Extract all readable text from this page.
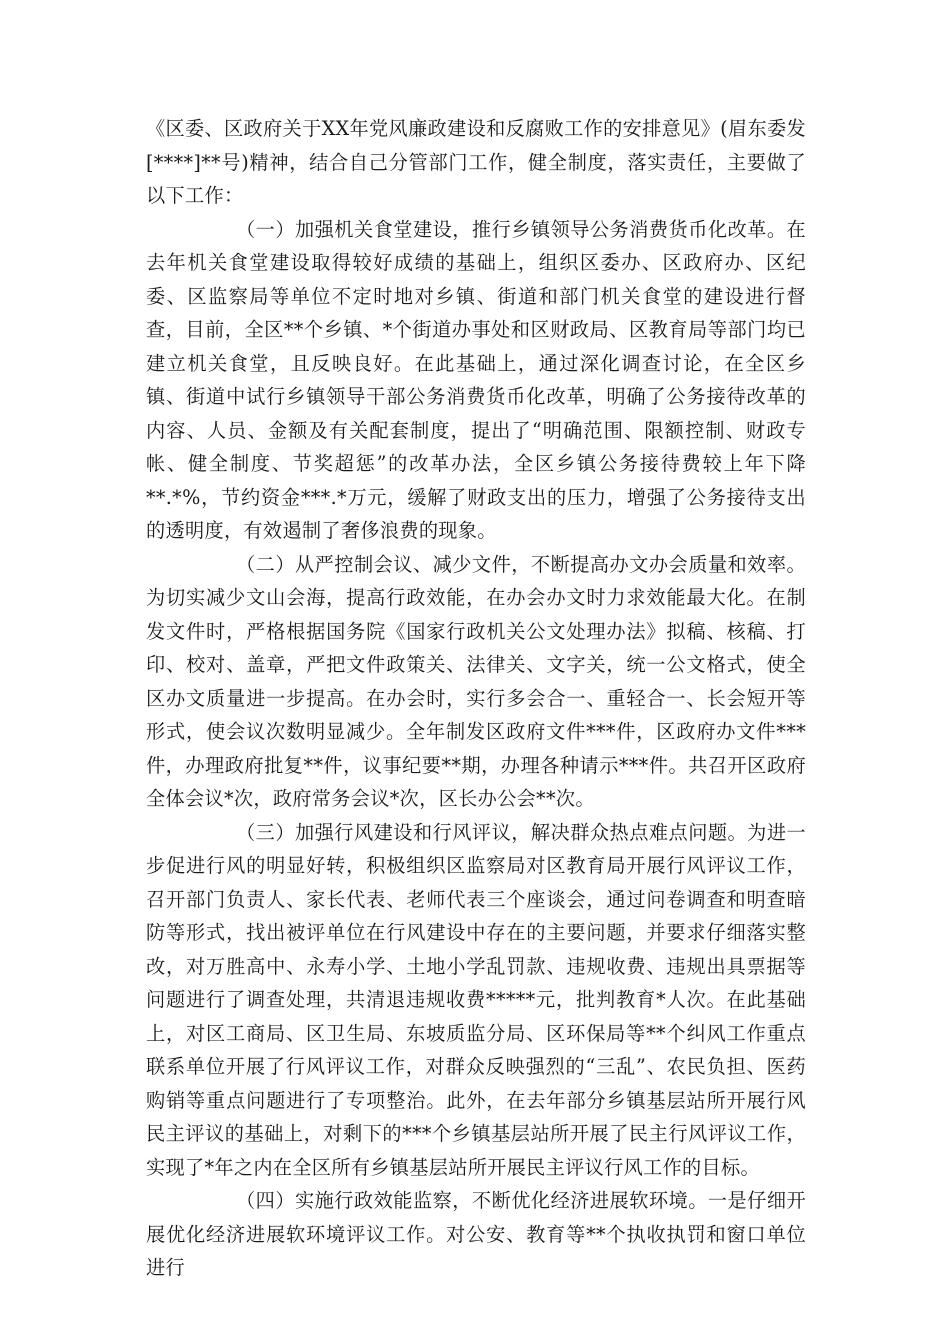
《区委、区政府关于XX年党风廉政建设和反腐败工作的安排意见》(眉东委发[****]**号)精神，结合自己分管部门工作，健全制度，落实责任，主要做了以下工作：

（一）加强机关食堂建设，推行乡镇领导公务消费货币化改革。在去年机关食堂建设取得较好成绩的基础上，组织区委办、区政府办、区纪委、区监察局等单位不定时地对乡镇、街道和部门机关食堂的建设进行督查，目前，全区**个乡镇、*个街道办事处和区财政局、区教育局等部门均已建立机关食堂，且反映良好。在此基础上，通过深化调查讨论，在全区乡镇、街道中试行乡镇领导干部公务消费货币化改革，明确了公务接待改革的内容、人员、金额及有关配套制度，提出了“明确范围、限额控制、财政专帐、健全制度、节奖超惩”的改革办法，全区乡镇公务接待费较上年下降**.*%，节约资金***.*万元，缓解了财政支出的压力，增强了公务接待支出的透明度，有效遏制了奢侈浪费的现象。

（二）从严控制会议、减少文件，不断提高办文办会质量和效率。为切实减少文山会海，提高行政效能，在办会办文时力求效能最大化。在制发文件时，严格根据国务院《国家行政机关公文处理办法》拟稿、核稿、打印、校对、盖章，严把文件政策关、法律关、文字关，统一公文格式，使全区办文质量进一步提高。在办会时，实行多会合一、重轻合一、长会短开等形式，使会议次数明显减少。全年制发区政府文件***件，区政府办文件***件，办理政府批复**件，议事纪要**期，办理各种请示***件。共召开区政府全体会议*次，政府常务会议*次，区长办公会**次。

（三）加强行风建设和行风评议，解决群众热点难点问题。为进一步促进行风的明显好转，积极组织区监察局对区教育局开展行风评议工作，召开部门负责人、家长代表、老师代表三个座谈会，通过问卷调查和明查暗防等形式，找出被评单位在行风建设中存在的主要问题，并要求仔细落实整改，对万胜高中、永寿小学、土地小学乱罚款、违规收费、违规出具票据等问题进行了调查处理，共清退违规收费*****元，批判教育*人次。在此基础上，对区工商局、区卫生局、东坡质监分局、区环保局等**个纠风工作重点联系单位开展了行风评议工作，对群众反映强烈的“三乱”、农民负担、医药购销等重点问题进行了专项整治。此外，在去年部分乡镇基层站所开展行风民主评议的基础上，对剩下的***个乡镇基层站所开展了民主行风评议工作，实现了*年之内在全区所有乡镇基层站所开展民主评议行风工作的目标。

（四）实施行政效能监察，不断优化经济进展软环境。一是仔细开展优化经济进展软环境评议工作。对公安、教育等**个执收执罚和窗口单位进行
